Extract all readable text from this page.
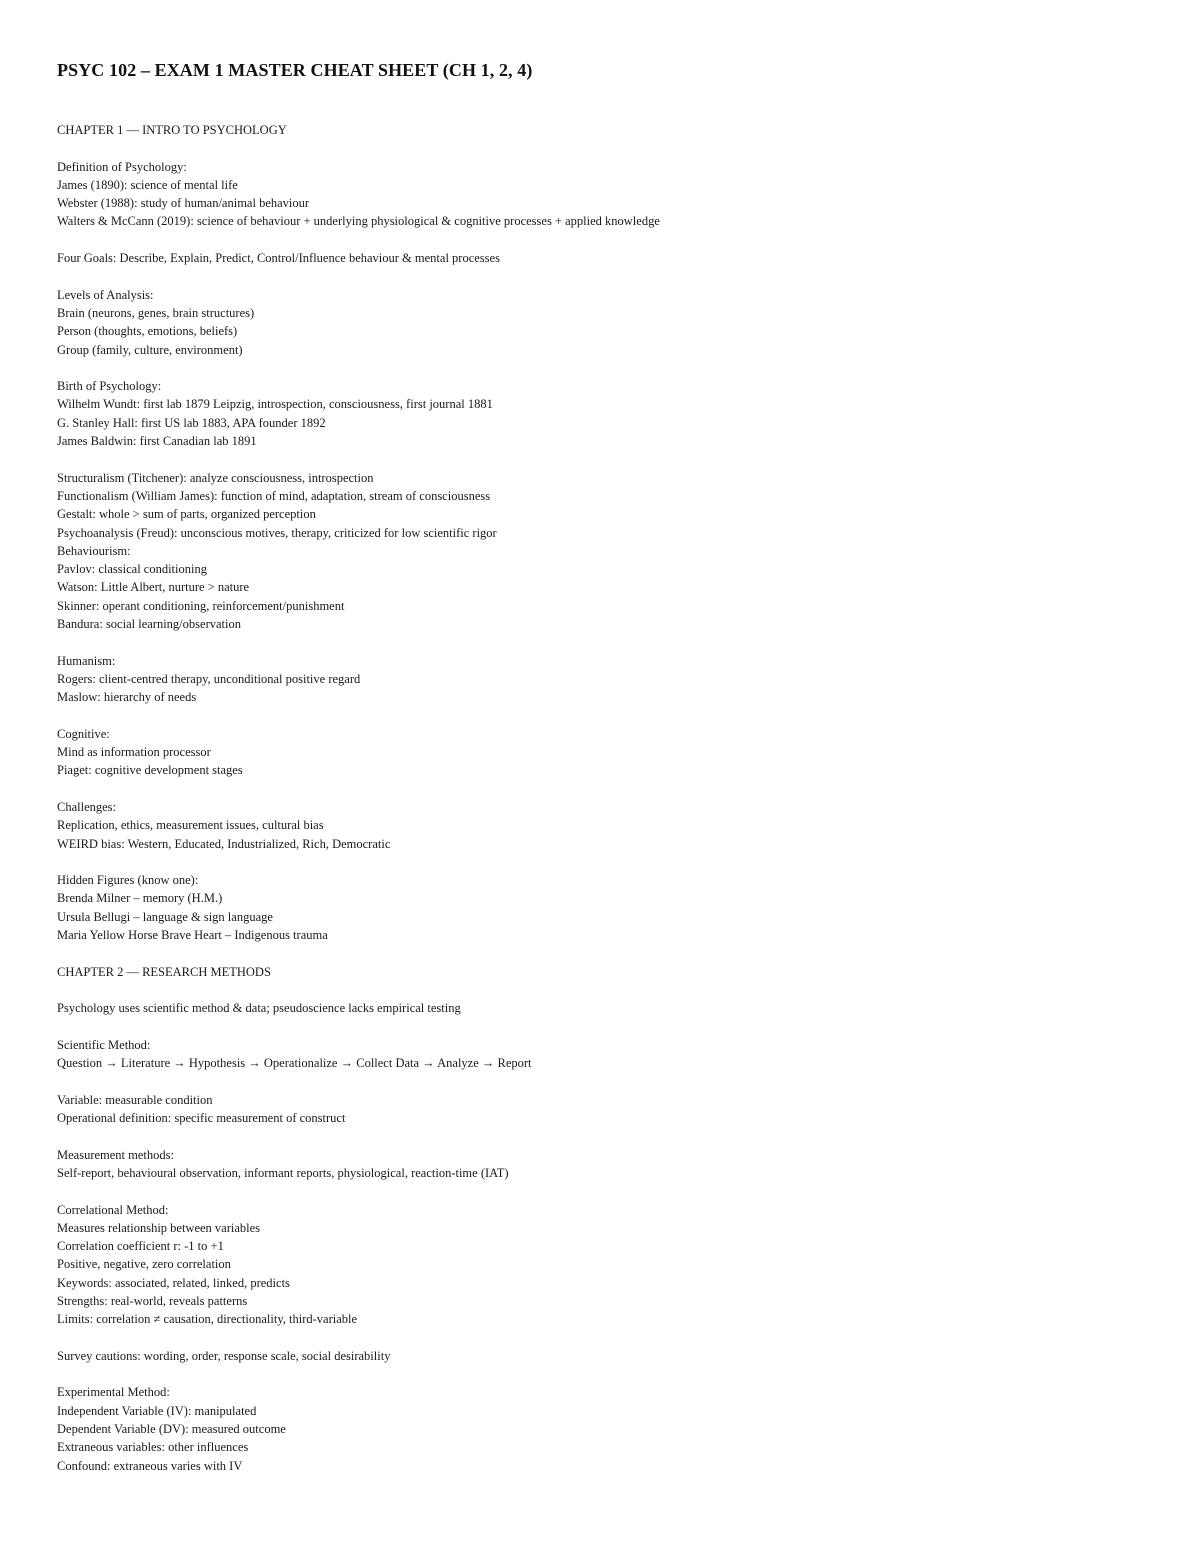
PSYC 102 – EXAM 1 MASTER CHEAT SHEET (CH 1, 2, 4)
CHAPTER 1 — INTRO TO PSYCHOLOGY
Definition of Psychology:
James (1890): science of mental life
Webster (1988): study of human/animal behaviour
Walters & McCann (2019): science of behaviour + underlying physiological & cognitive processes + applied knowledge
Four Goals: Describe, Explain, Predict, Control/Influence behaviour & mental processes
Levels of Analysis:
Brain (neurons, genes, brain structures)
Person (thoughts, emotions, beliefs)
Group (family, culture, environment)
Birth of Psychology:
Wilhelm Wundt: first lab 1879 Leipzig, introspection, consciousness, first journal 1881
G. Stanley Hall: first US lab 1883, APA founder 1892
James Baldwin: first Canadian lab 1891
Structuralism (Titchener): analyze consciousness, introspection
Functionalism (William James): function of mind, adaptation, stream of consciousness
Gestalt: whole > sum of parts, organized perception
Psychoanalysis (Freud): unconscious motives, therapy, criticized for low scientific rigor
Behaviourism:
Pavlov: classical conditioning
Watson: Little Albert, nurture > nature
Skinner: operant conditioning, reinforcement/punishment
Bandura: social learning/observation
Humanism:
Rogers: client-centred therapy, unconditional positive regard
Maslow: hierarchy of needs
Cognitive:
Mind as information processor
Piaget: cognitive development stages
Challenges:
Replication, ethics, measurement issues, cultural bias
WEIRD bias: Western, Educated, Industrialized, Rich, Democratic
Hidden Figures (know one):
Brenda Milner – memory (H.M.)
Ursula Bellugi – language & sign language
Maria Yellow Horse Brave Heart – Indigenous trauma
CHAPTER 2 — RESEARCH METHODS
Psychology uses scientific method & data; pseudoscience lacks empirical testing
Scientific Method:
Question → Literature → Hypothesis → Operationalize → Collect Data → Analyze → Report
Variable: measurable condition
Operational definition: specific measurement of construct
Measurement methods:
Self-report, behavioural observation, informant reports, physiological, reaction-time (IAT)
Correlational Method:
Measures relationship between variables
Correlation coefficient r: -1 to +1
Positive, negative, zero correlation
Keywords: associated, related, linked, predicts
Strengths: real-world, reveals patterns
Limits: correlation ≠ causation, directionality, third-variable
Survey cautions: wording, order, response scale, social desirability
Experimental Method:
Independent Variable (IV): manipulated
Dependent Variable (DV): measured outcome
Extraneous variables: other influences
Confound: extraneous varies with IV
